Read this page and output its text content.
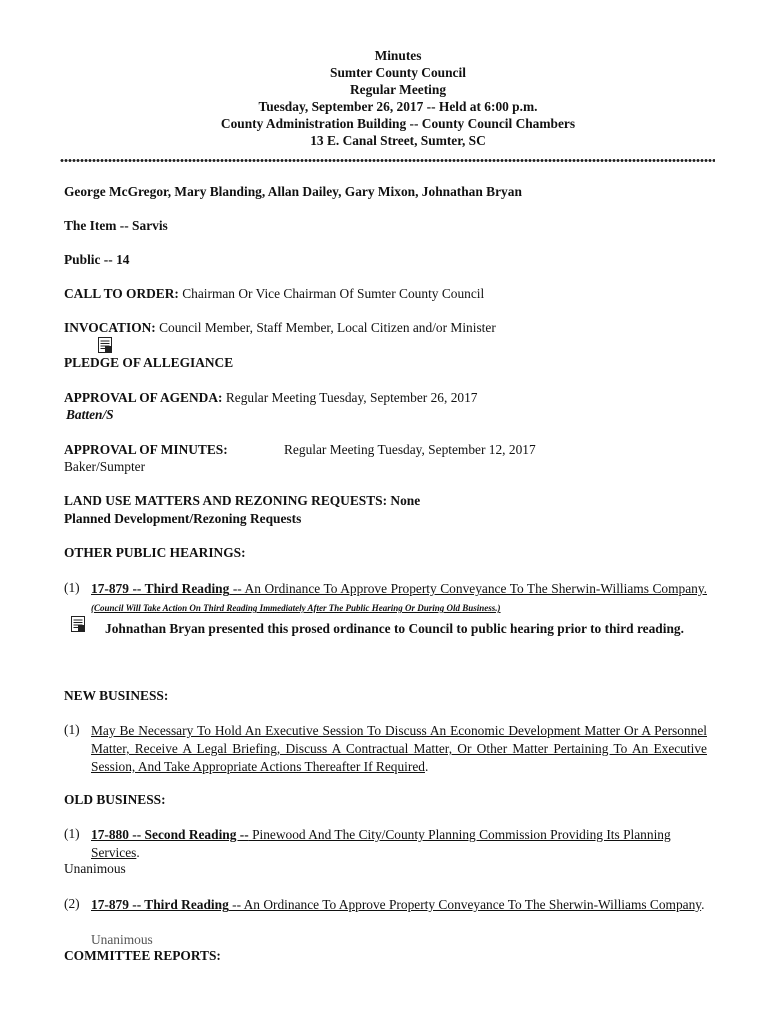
Minutes
Sumter County Council
Regular Meeting
Tuesday, September 26, 2017 -- Held at 6:00 p.m.
County Administration Building -- County Council Chambers
13 E. Canal Street, Sumter, SC
George McGregor, Mary Blanding, Allan Dailey, Gary Mixon, Johnathan Bryan
The Item -- Sarvis
Public -- 14
CALL TO ORDER: Chairman Or Vice Chairman Of Sumter County Council
INVOCATION: Council Member, Staff Member, Local Citizen and/or Minister
PLEDGE OF ALLEGIANCE
APPROVAL OF AGENDA: Regular Meeting Tuesday, September 26, 2017
Batten/S
APPROVAL OF MINUTES:	Regular Meeting Tuesday, September 12, 2017
Baker/Sumpter
LAND USE MATTERS AND REZONING REQUESTS: None
Planned Development/Rezoning Requests
OTHER PUBLIC HEARINGS:
(1) 17-879 -- Third Reading -- An Ordinance To Approve Property Conveyance To The Sherwin-Williams Company. (Council Will Take Action On Third Reading Immediately After The Public Hearing Or During Old Business.)
Johnathan Bryan presented this prosed ordinance to Council to public hearing prior to third reading.
NEW BUSINESS:
(1) May Be Necessary To Hold An Executive Session To Discuss An Economic Development Matter Or A Personnel Matter, Receive A Legal Briefing, Discuss A Contractual Matter, Or Other Matter Pertaining To An Executive Session, And Take Appropriate Actions Thereafter If Required.
OLD BUSINESS:
(1) 17-880 -- Second Reading -- Pinewood And The City/County Planning Commission Providing Its Planning Services.
Unanimous
(2) 17-879 -- Third Reading -- An Ordinance To Approve Property Conveyance To The Sherwin-Williams Company.
Unanimous
COMMITTEE REPORTS:
